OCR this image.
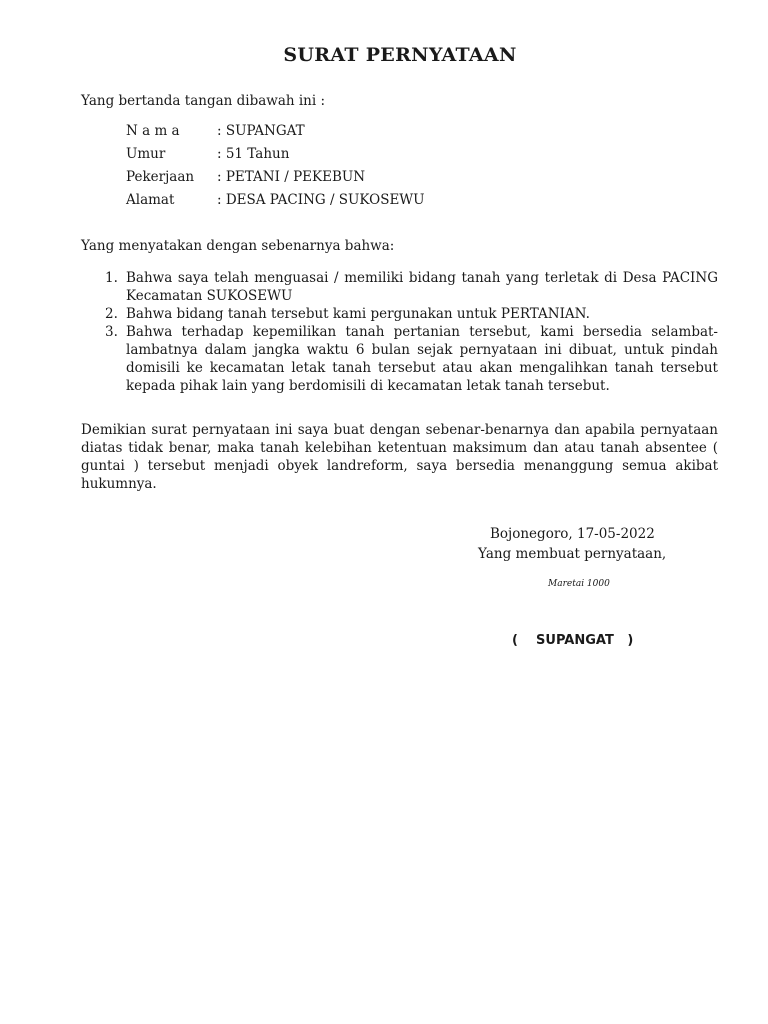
SURAT PERNYATAAN
Yang bertanda tangan dibawah ini :
N a m a	: SUPANGAT
Umur	: 51 Tahun
Pekerjaan	: PETANI / PEKEBUN
Alamat	: DESA PACING / SUKOSEWU
Yang menyatakan dengan sebenarnya bahwa:
1. Bahwa saya telah menguasai / memiliki bidang tanah yang terletak di Desa PACING Kecamatan SUKOSEWU
2. Bahwa bidang tanah tersebut kami pergunakan untuk PERTANIAN.
3. Bahwa terhadap kepemilikan tanah pertanian tersebut, kami bersedia selambat-lambatnya dalam jangka waktu 6 bulan sejak pernyataan ini dibuat, untuk pindah domisili ke kecamatan letak tanah tersebut atau akan mengalihkan tanah tersebut kepada pihak lain yang berdomisili di kecamatan letak tanah tersebut.
Demikian surat pernyataan ini saya buat dengan sebenar-benarnya dan apabila pernyataan diatas tidak benar, maka tanah kelebihan ketentuan maksimum dan atau tanah absentee ( guntai ) tersebut menjadi obyek landreform, saya bersedia menanggung semua akibat hukumnya.
Bojonegoro, 17-05-2022
Yang membuat pernyataan,
Maretai 1000
(    SUPANGAT   )
